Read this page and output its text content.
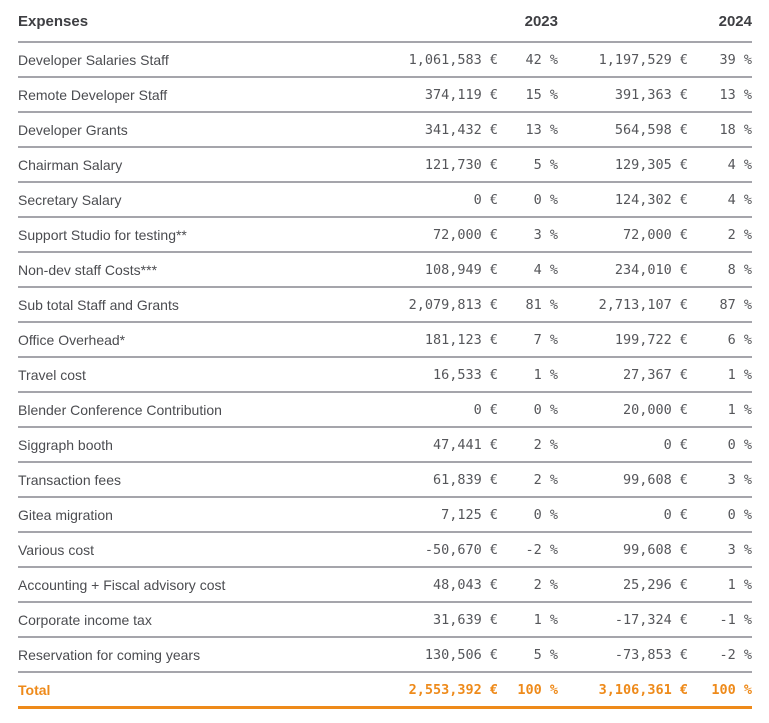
Expenses	2023		2024	
Developer Salaries Staff	1,061,583 €	42 %	1,197,529 €	39 %
Remote Developer Staff	374,119 €	15 %	391,363 €	13 %
Developer Grants	341,432 €	13 %	564,598 €	18 %
Chairman Salary	121,730 €	5 %	129,305 €	4 %
Secretary Salary	0 €	0 %	124,302 €	4 %
Support Studio for testing**	72,000 €	3 %	72,000 €	2 %
Non-dev staff Costs***	108,949 €	4 %	234,010 €	8 %
Sub total Staff and Grants	2,079,813 €	81 %	2,713,107 €	87 %
Office Overhead*	181,123 €	7 %	199,722 €	6 %
Travel cost	16,533 €	1 %	27,367 €	1 %
Blender Conference Contribution	0 €	0 %	20,000 €	1 %
Siggraph booth	47,441 €	2 %	0 €	0 %
Transaction fees	61,839 €	2 %	99,608 €	3 %
Gitea migration	7,125 €	0 %	0 €	0 %
Various cost	-50,670 €	-2 %	99,608 €	3 %
Accounting + Fiscal advisory cost	48,043 €	2 %	25,296 €	1 %
Corporate income tax	31,639 €	1 %	-17,324 €	-1 %
Reservation for coming years	130,506 €	5 %	-73,853 €	-2 %
Total	2,553,392 €	100 %	3,106,361 €	100 %
